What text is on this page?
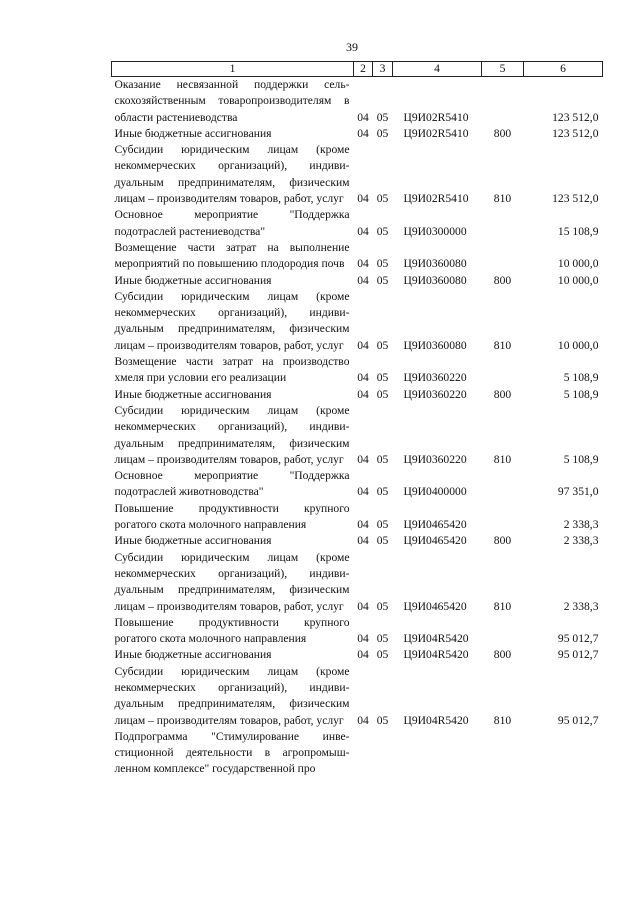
39
1	2	3	4	5	6
Оказание несвязанной поддержки сельскохозяйственным товаропроизводителям в области растениеводства	04	05	Ц9И02R5410		123 512,0
Иные бюджетные ассигнования	04	05	Ц9И02R5410	800	123 512,0
Субсидии юридическим лицам (кроме некоммерческих организаций), индивидуальным предпринимателям, физическим лицам – производителям товаров, работ, услуг	04	05	Ц9И02R5410	810	123 512,0
Основное мероприятие "Поддержка подотраслей растениеводства"	04	05	Ц9И0300000		15 108,9
Возмещение части затрат на выполнение мероприятий по повышению плодородия почв	04	05	Ц9И0360080		10 000,0
Иные бюджетные ассигнования	04	05	Ц9И0360080	800	10 000,0
Субсидии юридическим лицам (кроме некоммерческих организаций), индивидуальным предпринимателям, физическим лицам – производителям товаров, работ, услуг	04	05	Ц9И0360080	810	10 000,0
Возмещение части затрат на производство хмеля при условии его реализации	04	05	Ц9И0360220		5 108,9
Иные бюджетные ассигнования	04	05	Ц9И0360220	800	5 108,9
Субсидии юридическим лицам (кроме некоммерческих организаций), индивидуальным предпринимателям, физическим лицам – производителям товаров, работ, услуг	04	05	Ц9И0360220	810	5 108,9
Основное мероприятие "Поддержка подотраслей животноводства"	04	05	Ц9И0400000		97 351,0
Повышение продуктивности крупного рогатого скота молочного направления	04	05	Ц9И0465420		2 338,3
Иные бюджетные ассигнования	04	05	Ц9И0465420	800	2 338,3
Субсидии юридическим лицам (кроме некоммерческих организаций), индивидуальным предпринимателям, физическим лицам – производителям товаров, работ, услуг	04	05	Ц9И0465420	810	2 338,3
Повышение продуктивности крупного рогатого скота молочного направления	04	05	Ц9И04R5420		95 012,7
Иные бюджетные ассигнования	04	05	Ц9И04R5420	800	95 012,7
Субсидии юридическим лицам (кроме некоммерческих организаций), индивидуальным предпринимателям, физическим лицам – производителям товаров, работ, услуг	04	05	Ц9И04R5420	810	95 012,7
Подпрограмма "Стимулирование инвестиционной деятельности в агропромышленном комплексе" государственной про					
